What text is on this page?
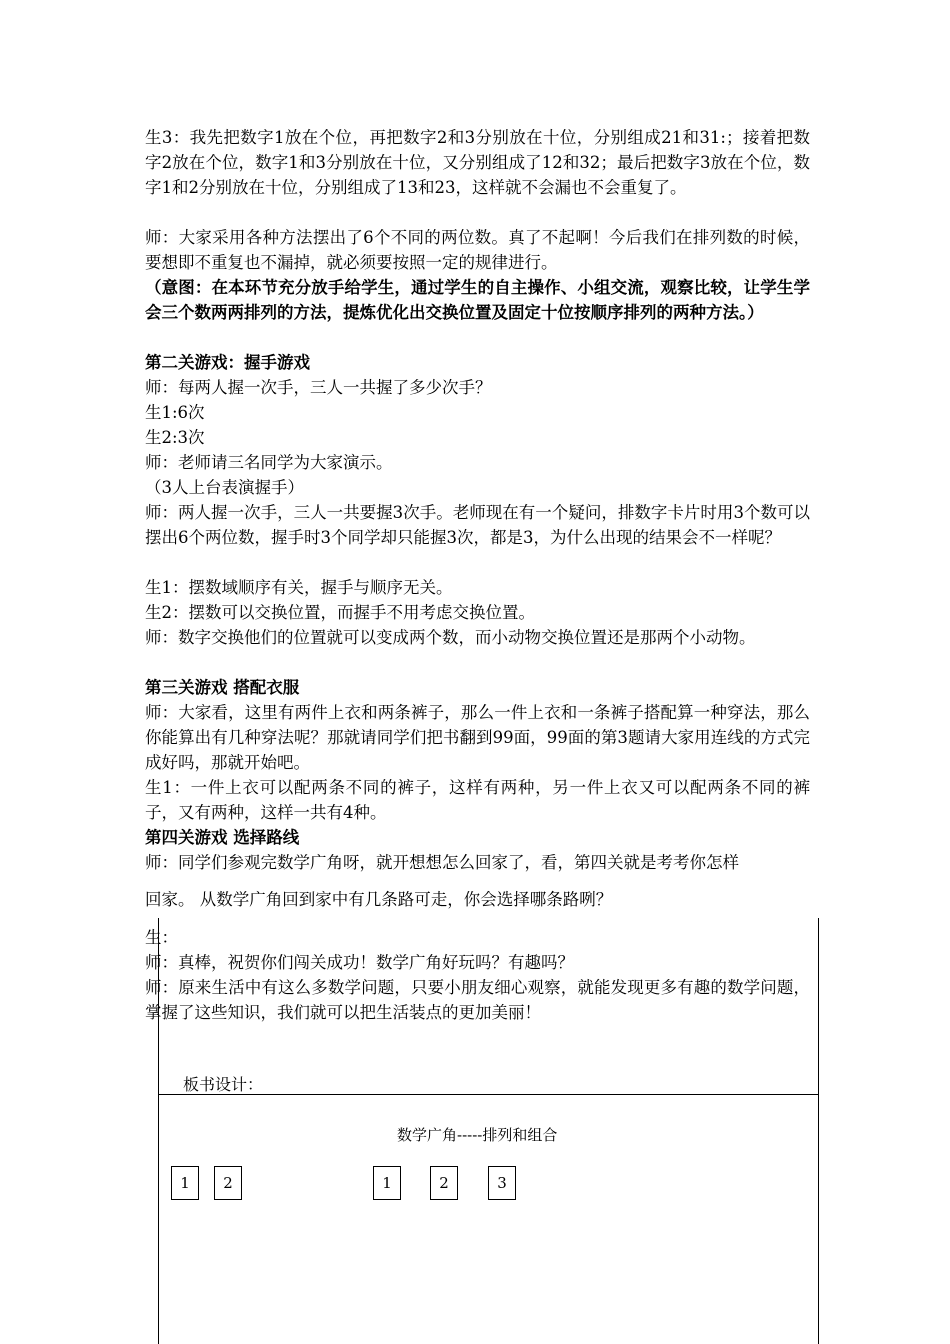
生3：我先把数字1放在个位，再把数字2和3分别放在十位，分别组成21和31:；接着把数字2放在个位，数字1和3分别放在十位，又分别组成了12和32；最后把数字3放在个位，数字1和2分别放在十位，分别组成了13和23，这样就不会漏也不会重复了。
师：大家采用各种方法摆出了6个不同的两位数。真了不起啊！今后我们在排列数的时候，要想即不重复也不漏掉，就必须要按照一定的规律进行。
（意图：在本环节充分放手给学生，通过学生的自主操作、小组交流，观察比较，让学生学会三个数两两排列的方法，提炼优化出交换位置及固定十位按顺序排列的两种方法。）
第二关游戏：握手游戏
师：每两人握一次手，三人一共握了多少次手？
生1:6次
生2:3次
师：老师请三名同学为大家演示。
（3人上台表演握手）
师：两人握一次手，三人一共要握3次手。老师现在有一个疑问，排数字卡片时用3个数可以摆出6个两位数，握手时3个同学却只能握3次，都是3，为什么出现的结果会不一样呢？
生1：摆数域顺序有关，握手与顺序无关。
生2：摆数可以交换位置，而握手不用考虑交换位置。
师：数字交换他们的位置就可以变成两个数，而小动物交换位置还是那两个小动物。
第三关游戏 搭配衣服
师：大家看，这里有两件上衣和两条裤子，那么一件上衣和一条裤子搭配算一种穿法，那么你能算出有几种穿法呢？那就请同学们把书翻到99面，99面的第3题请大家用连线的方式完成好吗，那就开始吧。
生1：一件上衣可以配两条不同的裤子，这样有两种，另一件上衣又可以配两条不同的裤子，又有两种，这样一共有4种。
第四关游戏 选择路线
师：同学们参观完数学广角呀，就开想想怎么回家了，看，第四关就是考考你怎样
回家。 从数学广角回到家中有几条路可走，你会选择哪条路咧？
生：
师：真棒，祝贺你们闯关成功！数学广角好玩吗？有趣吗？
师：原来生活中有这么多数学问题，只要小朋友细心观察，就能发现更多有趣的数学问题，掌握了这些知识，我们就可以把生活装点的更加美丽！
板书设计：
数学广角-----排列和组合
1	2	1	2	3
